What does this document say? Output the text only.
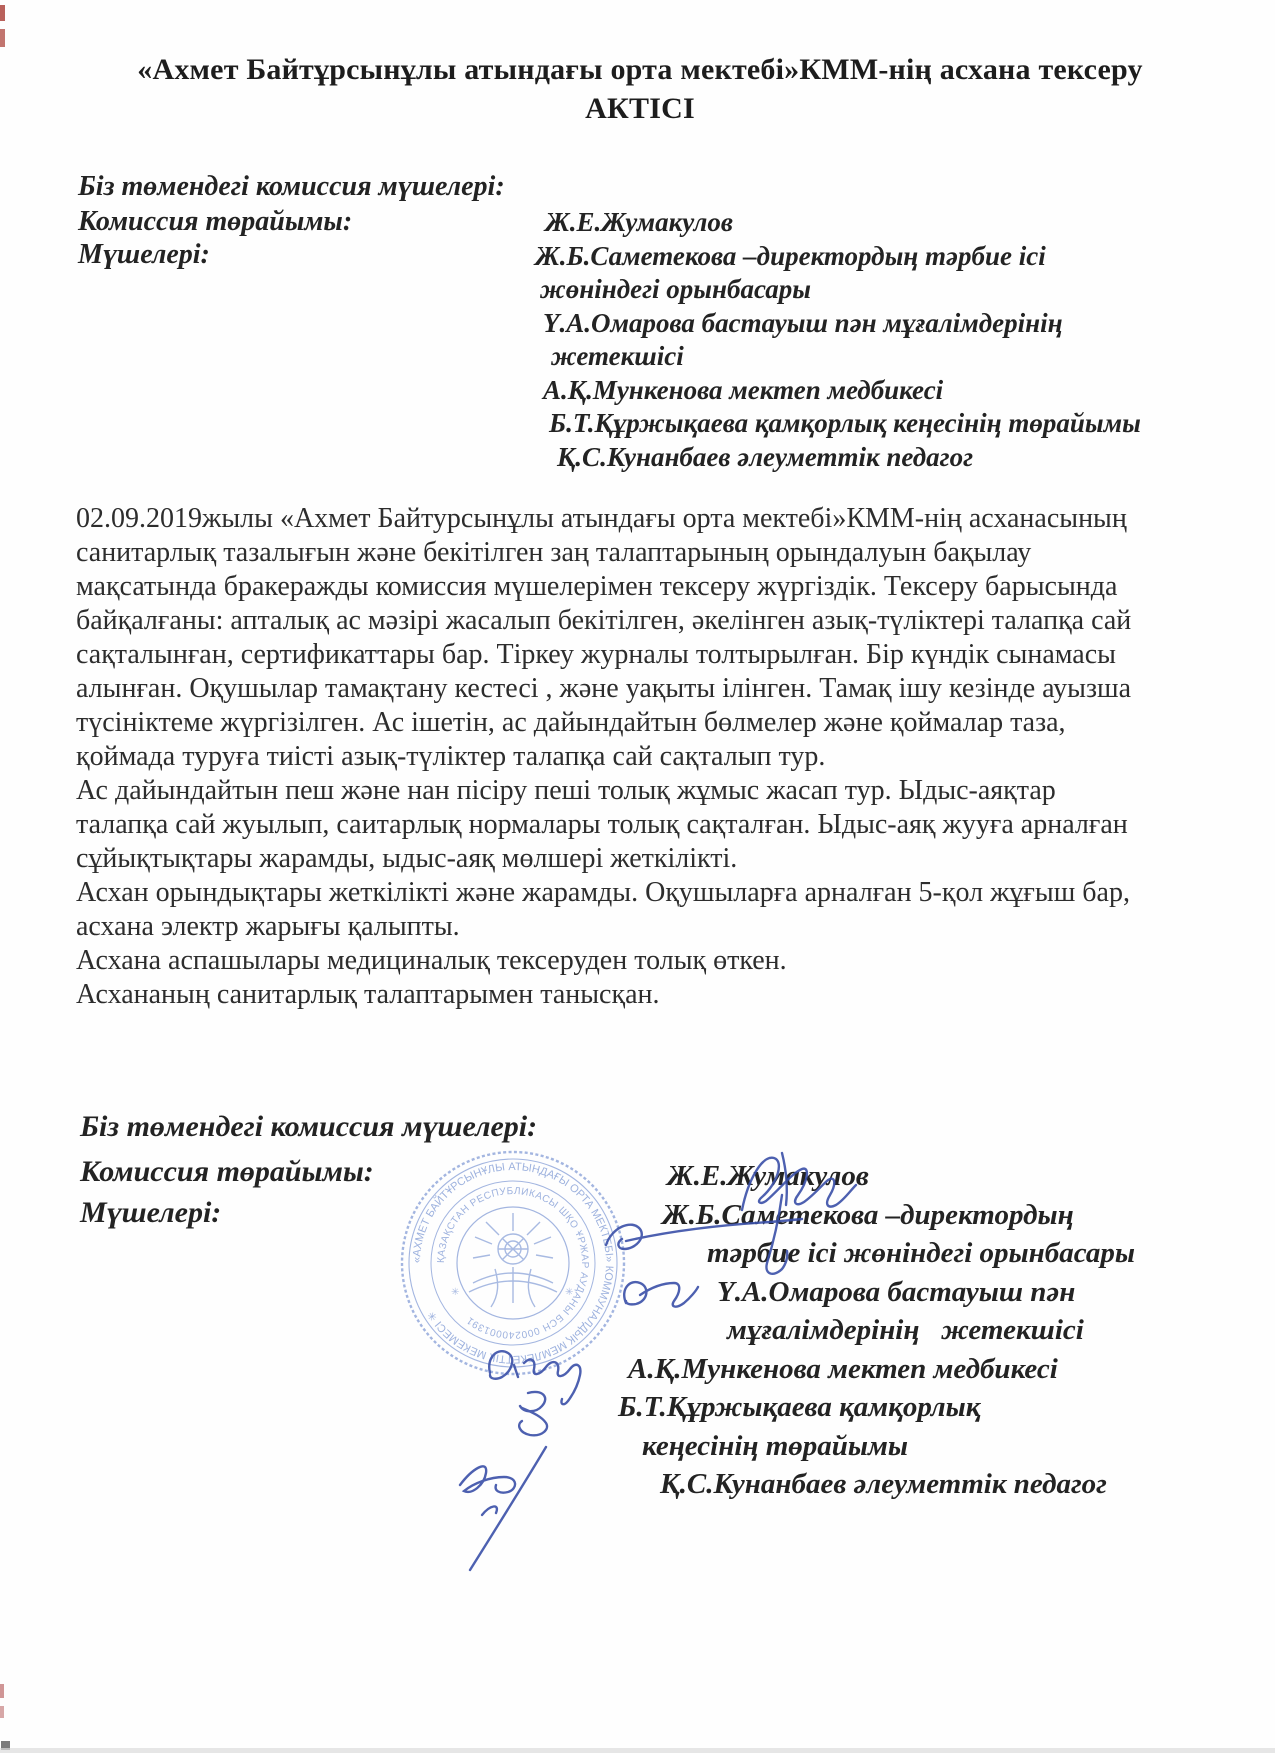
«Ахмет Байтұрсынұлы атындағы орта мектебі»КММ-нің асхана тексеру
АКТІСІ
Біз төмендегі комиссия мүшелері:
Комиссия төрайымы:
Мүшелері:
Ж.Е.Жумакулов
Ж.Б.Саметекова –директордың тәрбие ісі
жөніндегі орынбасары
Ү.А.Омарова бастауыш пән мұғалімдерінің
жетекшісі
А.Қ.Мункенова мектеп медбикесі
Б.Т.Құржықаева қамқорлық кеңесінің төрайымы
Қ.С.Кунанбаев әлеуметтік педагог
02.09.2019жылы «Ахмет Байтурсынұлы атындағы орта мектебі»КММ-нің асханасының
санитарлық тазалығын және бекітілген заң талаптарының орындалуын бақылау
мақсатында бракеражды комиссия мүшелерімен тексеру жүргіздік. Тексеру барысында
байқалғаны: апталық ас мәзірі жасалып бекітілген, әкелінген азық-түліктері талапқа сай
сақталынған, сертификаттары бар. Тіркеу журналы толтырылған. Бір күндік сынамасы
алынған. Оқушылар тамақтану кестесі , және уақыты ілінген. Тамақ ішу кезінде ауызша
түсініктеме жүргізілген. Ас ішетін, ас дайындайтын бөлмелер және қоймалар таза,
қоймада туруға тиісті азық-түліктер талапқа сай сақталып тур.
Ас дайындайтын пеш және нан пісіру пеші толық жұмыс жасап тур. Ыдыс-аяқтар
талапқа сай жуылып, саитарлық нормалары толық сақталған. Ыдыс-аяқ жууға арналған
сұйықтықтары жарамды, ыдыс-аяқ мөлшері жеткілікті.
Асхан орындықтары жеткілікті және жарамды. Оқушыларға арналған 5-қол жұғыш бар,
асхана электр жарығы қалыпты.
Асхана аспашылары медициналық тексеруден толық өткен.
Асхананың санитарлық талаптарымен танысқан.
Біз төмендегі комиссия мүшелері:
Комиссия төрайымы:
Мүшелері:
Ж.Е.Жумакулов
Ж.Б.Саметекова –директордың
тәрбие ісі жөніндегі орынбасары
Ү.А.Омарова бастауыш пән
мұғалімдерінің   жетекшісі
А.Қ.Мункенова мектеп медбикесі
Б.Т.Құржықаева қамқорлық
кеңесінің төрайымы
Қ.С.Кунанбаев әлеуметтік педагог
«АХМЕТ БАЙТҰРСЫНҰЛЫ АТЫНДАҒЫ ОРТА МЕКТЕБІ» КОММУНАЛДЫҚ МЕМЛЕКЕТТІК МЕКЕМЕСІ ✳
ҚАЗАҚСТАН РЕСПУБЛИКАСЫ ШҚО ҰРЖАР АУДАНЫ БСН 000240001391
✳	✳
